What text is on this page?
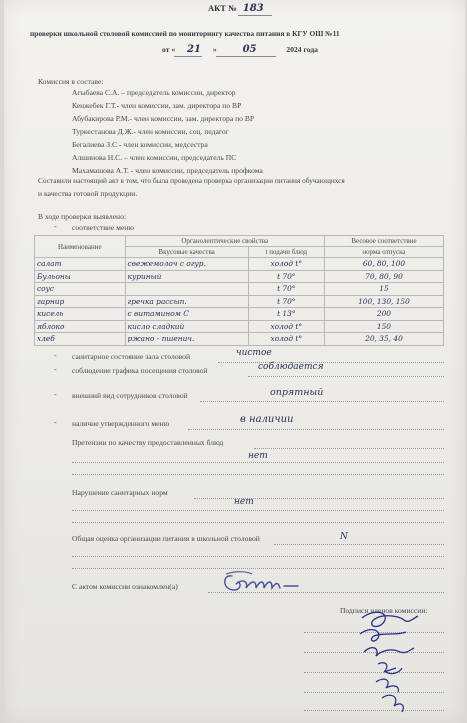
АКТ № 183
проверки школьной столовой комиссией по мониторингу качества питания в КГУ ОШ №11
от « 21 »	05	2024 года
Комиссия в составе:
Агыбаева С.А. – председатель комиссии, директор
Кенжебек Г.Т.- член комиссии, зам. директора по ВР
Абубакирова Р.М.- член комиссии, зам. директора по ВР
Туркестанова Д.Ж.- член комиссии, соц. педагог
Бегалиева З.С - член комиссии, медсестра
Алшинова Н.С. – член комиссии, председатель ПС
Махамашова А.Т. - член комиссии, председатель профкома
Составили настоящий акт в том, что была проведена проверка организации питания обучающихся
и качества готовой продукции.
В ходе проверки выявлено:
- соответствие меню
Наименование	Органолептические свойства		Весовое соответствие
	Вкусовые качества	t подачи блюд	норма отпуска
салат	свежемолоч с огур.	холод t°	60, 80, 100
Бульоны	куриный	t 70°	70, 80, 90
соус		t 70°	15
гарнир	гречка рассып.	t 70°	100, 130, 150
кисель	с витамином С	t 13°	200
яблоко	кисло сладкий	холод t°	150
хлеб	ржано - пшенич.	холод t°	20, 35, 40
- санитарное состояние зала столовой	чистое
- соблюдение графика посещения столовой	соблюдается
- внешний вид сотрудников столовой	опрятный
- наличие утвержденного меню	в наличии
Претензии по качеству предоставленных блюд
нет
Нарушение санитарных норм
нет
Общая оценка организации питания в школьной столовой	N
С актом комиссии ознакомлен(а)
Подписи членов комиссии:
